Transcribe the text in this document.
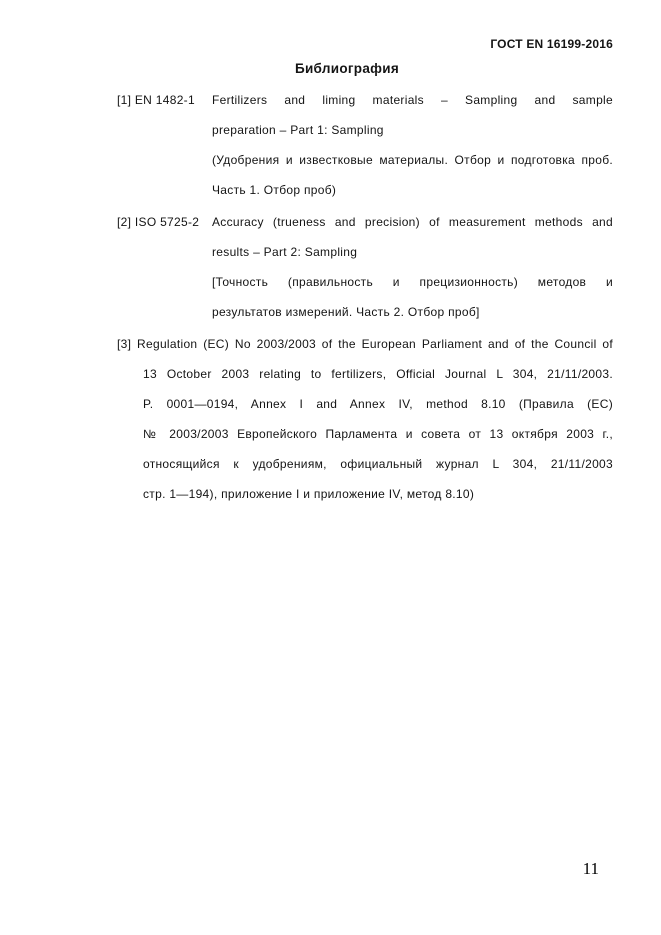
ГОСТ EN 16199-2016
Библиография
[1] EN 1482-1	Fertilizers and liming materials – Sampling and sample
preparation – Part 1: Sampling
(Удобрения и известковые материалы. Отбор и подготовка проб.
Часть 1. Отбор проб)
[2] ISO 5725-2	Accuracy (trueness and precision) of measurement methods and
results – Part 2: Sampling
[Точность (правильность и прецизионность) методов и
результатов измерений. Часть 2. Отбор проб]
[3] Regulation (EC) No 2003/2003 of the European Parliament and of the Council of
13 October 2003 relating to fertilizers, Official Journal L 304, 21/11/2003.
P. 0001—0194, Annex I and Annex IV, method 8.10 (Правила (ЕС)
№ 2003/2003 Европейского Парламента и совета от 13 октября 2003 г.,
относящийся к удобрениям, официальный журнал L 304, 21/11/2003
стр. 1—194), приложение I и приложение IV, метод 8.10)
11
